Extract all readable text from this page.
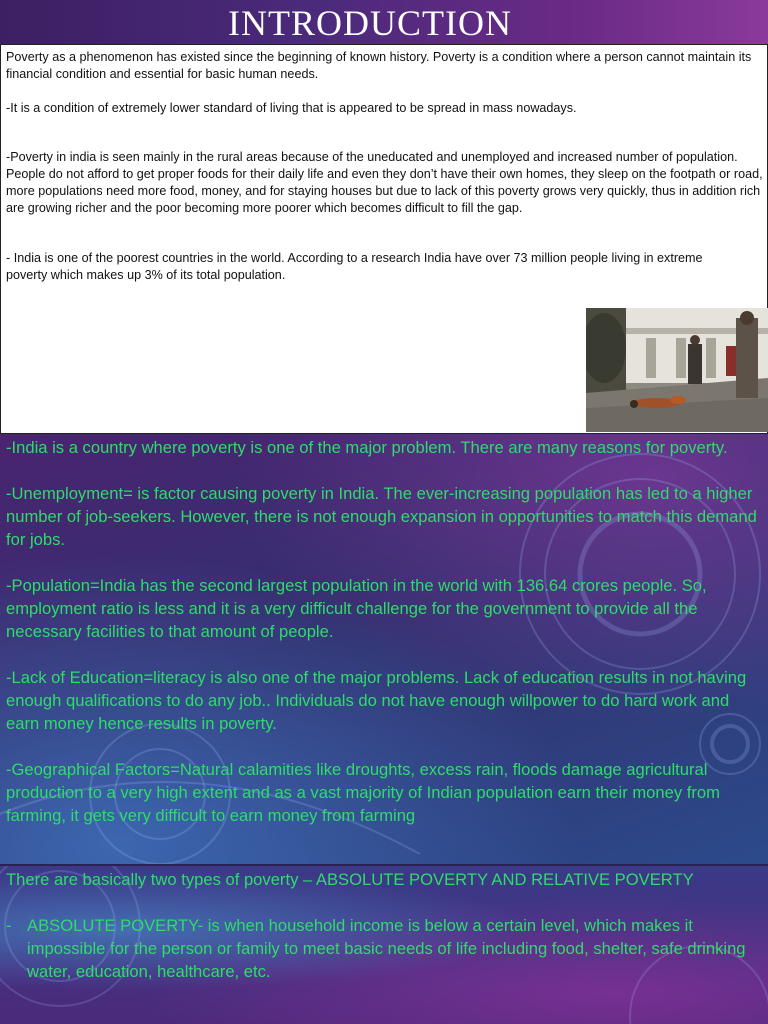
INTRODUCTION

Poverty as a phenomenon has existed since the beginning of known history. Poverty is a condition where a person cannot maintain its financial condition and essential for basic human needs.

-It is a condition of extremely lower standard of living that is appeared to be spread in mass nowadays.

-Poverty in india is seen mainly in the rural areas because of the uneducated and unemployed and increased number of population. People do not afford to get proper foods for their daily life and even they don’t have their own homes, they sleep on the footpath or road, more populations need more food, money, and for staying houses but due to lack of this poverty grows very quickly, thus in addition rich are growing richer and the poor becoming more poorer which becomes difficult to fill the gap.

- India is one of the poorest countries in the world. According to a research India have over 73 million people living in extreme poverty which makes up 3% of its total population.

-India is a country where poverty is one of the major problem. There are many reasons for poverty.

-Unemployment= is factor causing poverty in India. The ever-increasing population has led to a higher number of job-seekers. However, there is not enough expansion in opportunities to match this demand for jobs.

-Population=India has the second largest population in the world with 136.64 crores people. So, employment ratio is less and it is a very difficult challenge for the government to provide all the necessary facilities to that amount of people.

-Lack of Education=literacy is also one of the major problems. Lack of education results in not having enough qualifications to do any job.. Individuals do not have enough willpower to do hard work and earn money hence results in poverty.

-Geographical Factors=Natural calamities like droughts, excess rain, floods damage agricultural production to a very high extent and as a vast majority of Indian population earn their money from farming, it gets very difficult to earn money from farming

There are basically two types of poverty – ABSOLUTE POVERTY AND RELATIVE POVERTY

- ABSOLUTE POVERTY- is when household income is below a certain level, which makes it impossible for the person or family to meet basic needs of life including food, shelter, safe drinking water, education, healthcare, etc.
